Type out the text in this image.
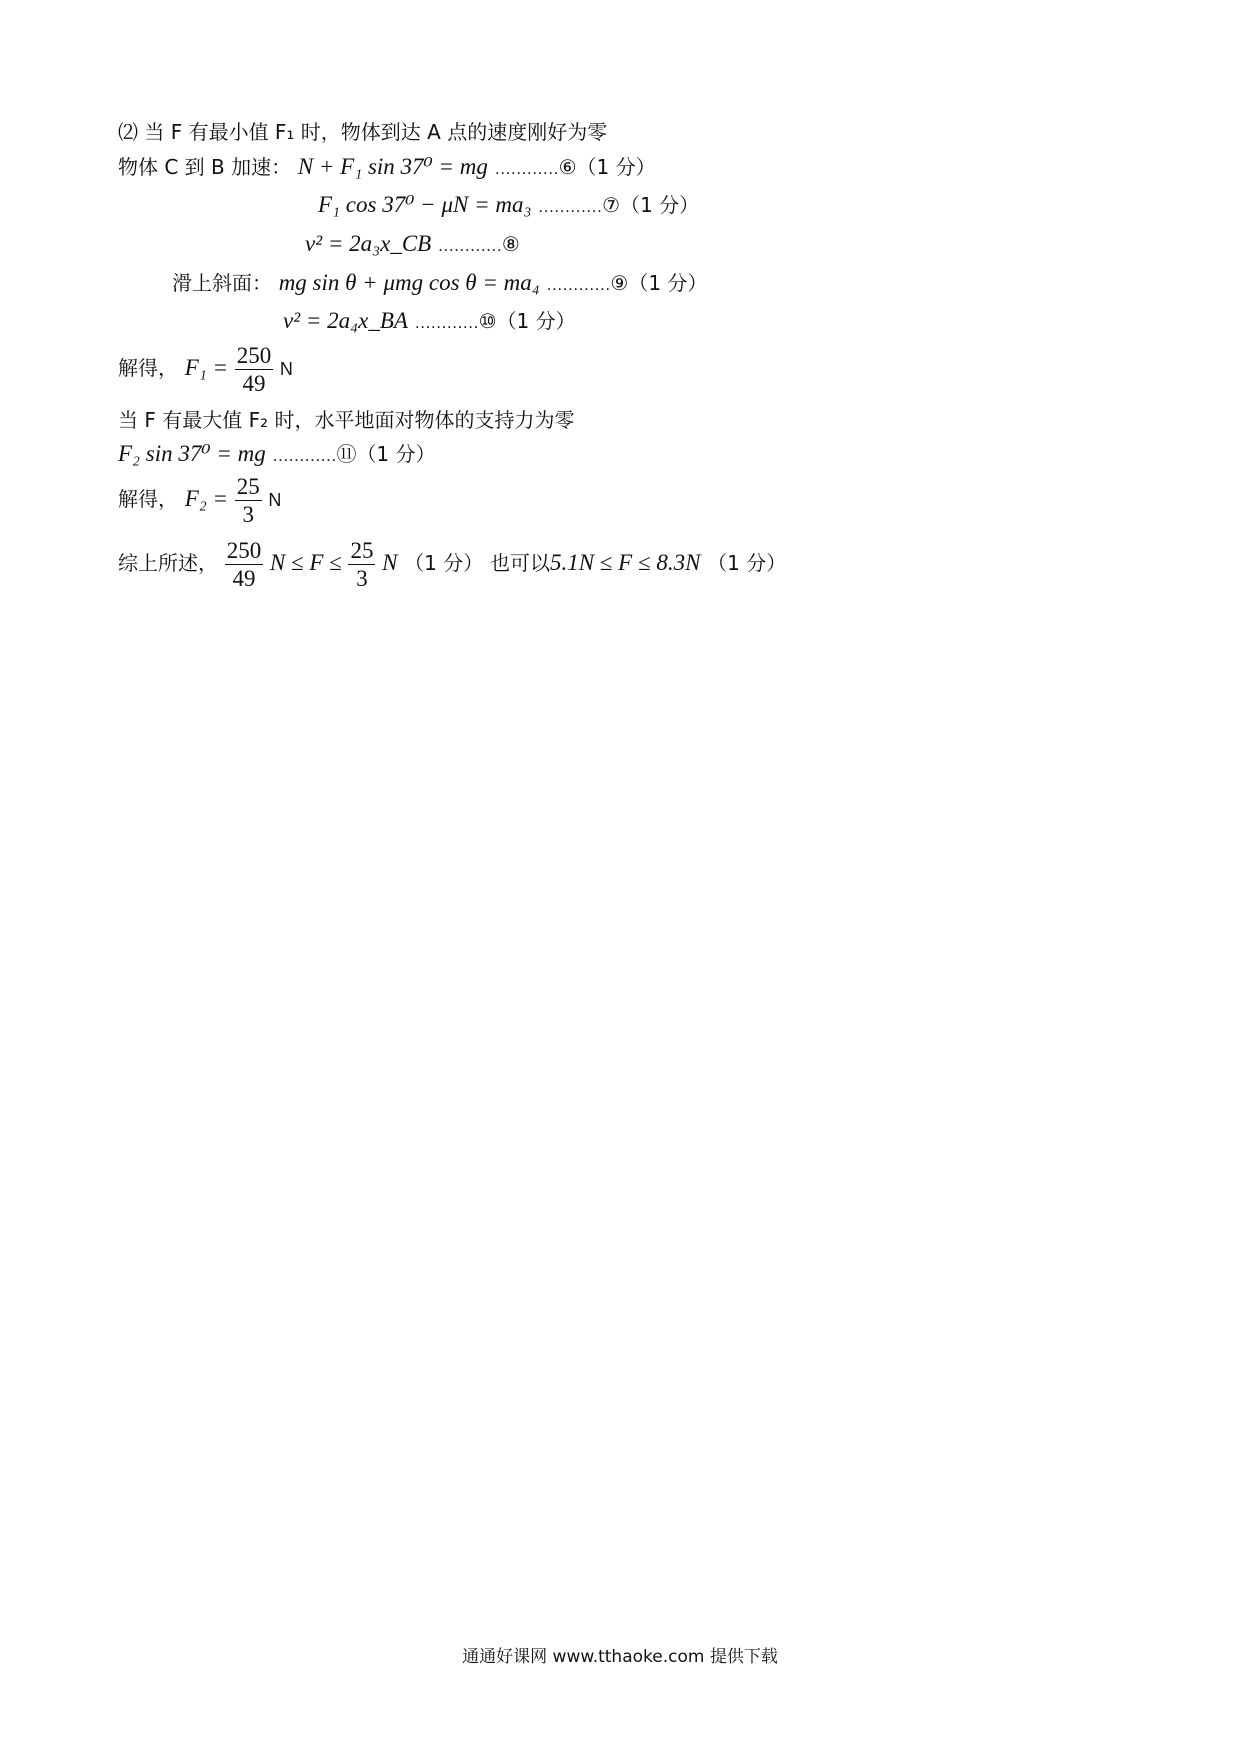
⑵ 当 F 有最小值 F₁ 时，物体到达 A 点的速度刚好为零
物体 C 到 B 加速： N + F₁ sin 37⁰ = mg …………⑥（1 分）
F₁ cos 37⁰ − μN = ma₃ …………⑦（1 分）
v² = 2a₃x_CB …………⑧
滑上斜面： mg sin θ + μmg cos θ = ma₄ …………⑨（1 分）
v² = 2a₄x_BA …………⑩（1 分）
解得， $F_1 = \frac{250}{49}$ N
当 F 有最大值 F₂ 时，水平地面对物体的支持力为零
F₂ sin 37⁰ = mg …………⑪（1 分）
解得， $F_2 = \frac{25}{3}$ N
综上所述， $\frac{250}{49}$ $N \le F \le \frac{25}{3}$ N （1 分） 也可以5.1N ≤ F ≤ 8.3N （1 分）
通通好课网 www.tthaoke.com 提供下载
